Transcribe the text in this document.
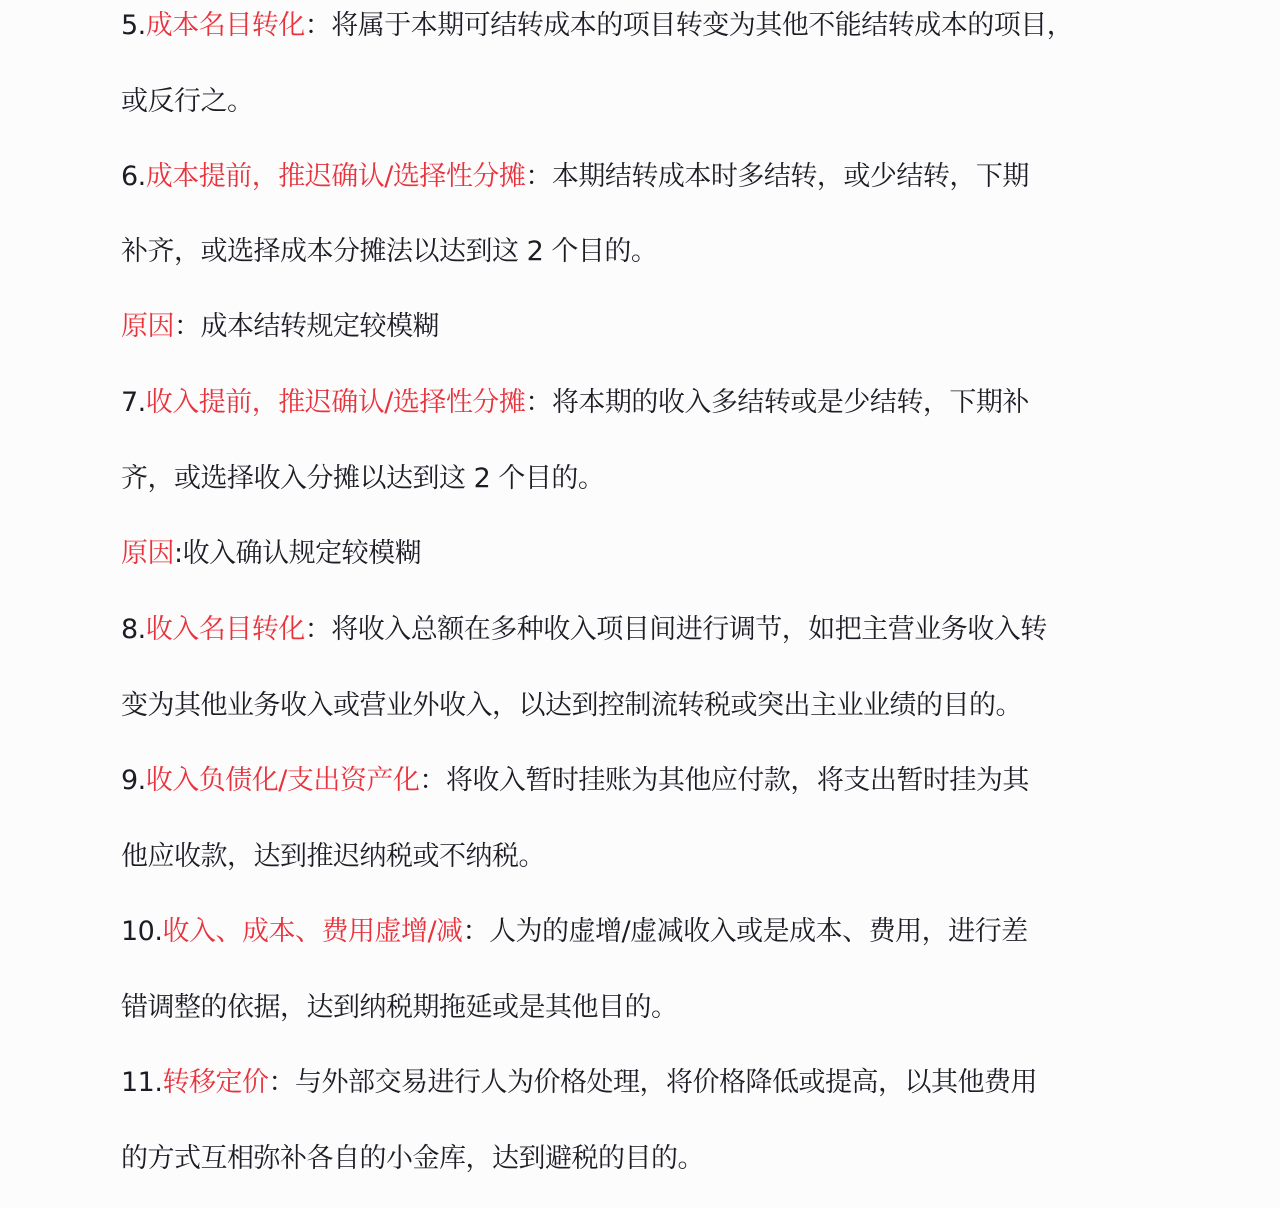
5.成本名目转化：将属于本期可结转成本的项目转变为其他不能结转成本的项目，
或反行之。
6.成本提前，推迟确认/选择性分摊：本期结转成本时多结转，或少结转，下期
补齐，或选择成本分摊法以达到这 2 个目的。
原因：成本结转规定较模糊
7.收入提前，推迟确认/选择性分摊：将本期的收入多结转或是少结转，下期补
齐，或选择收入分摊以达到这 2 个目的。
原因:收入确认规定较模糊
8.收入名目转化：将收入总额在多种收入项目间进行调节，如把主营业务收入转
变为其他业务收入或营业外收入，以达到控制流转税或突出主业业绩的目的。
9.收入负债化/支出资产化：将收入暂时挂账为其他应付款，将支出暂时挂为其
他应收款，达到推迟纳税或不纳税。
10.收入、成本、费用虚增/减：人为的虚增/虚减收入或是成本、费用，进行差
错调整的依据，达到纳税期拖延或是其他目的。
11.转移定价：与外部交易进行人为价格处理，将价格降低或提高，以其他费用
的方式互相弥补各自的小金库，达到避税的目的。
